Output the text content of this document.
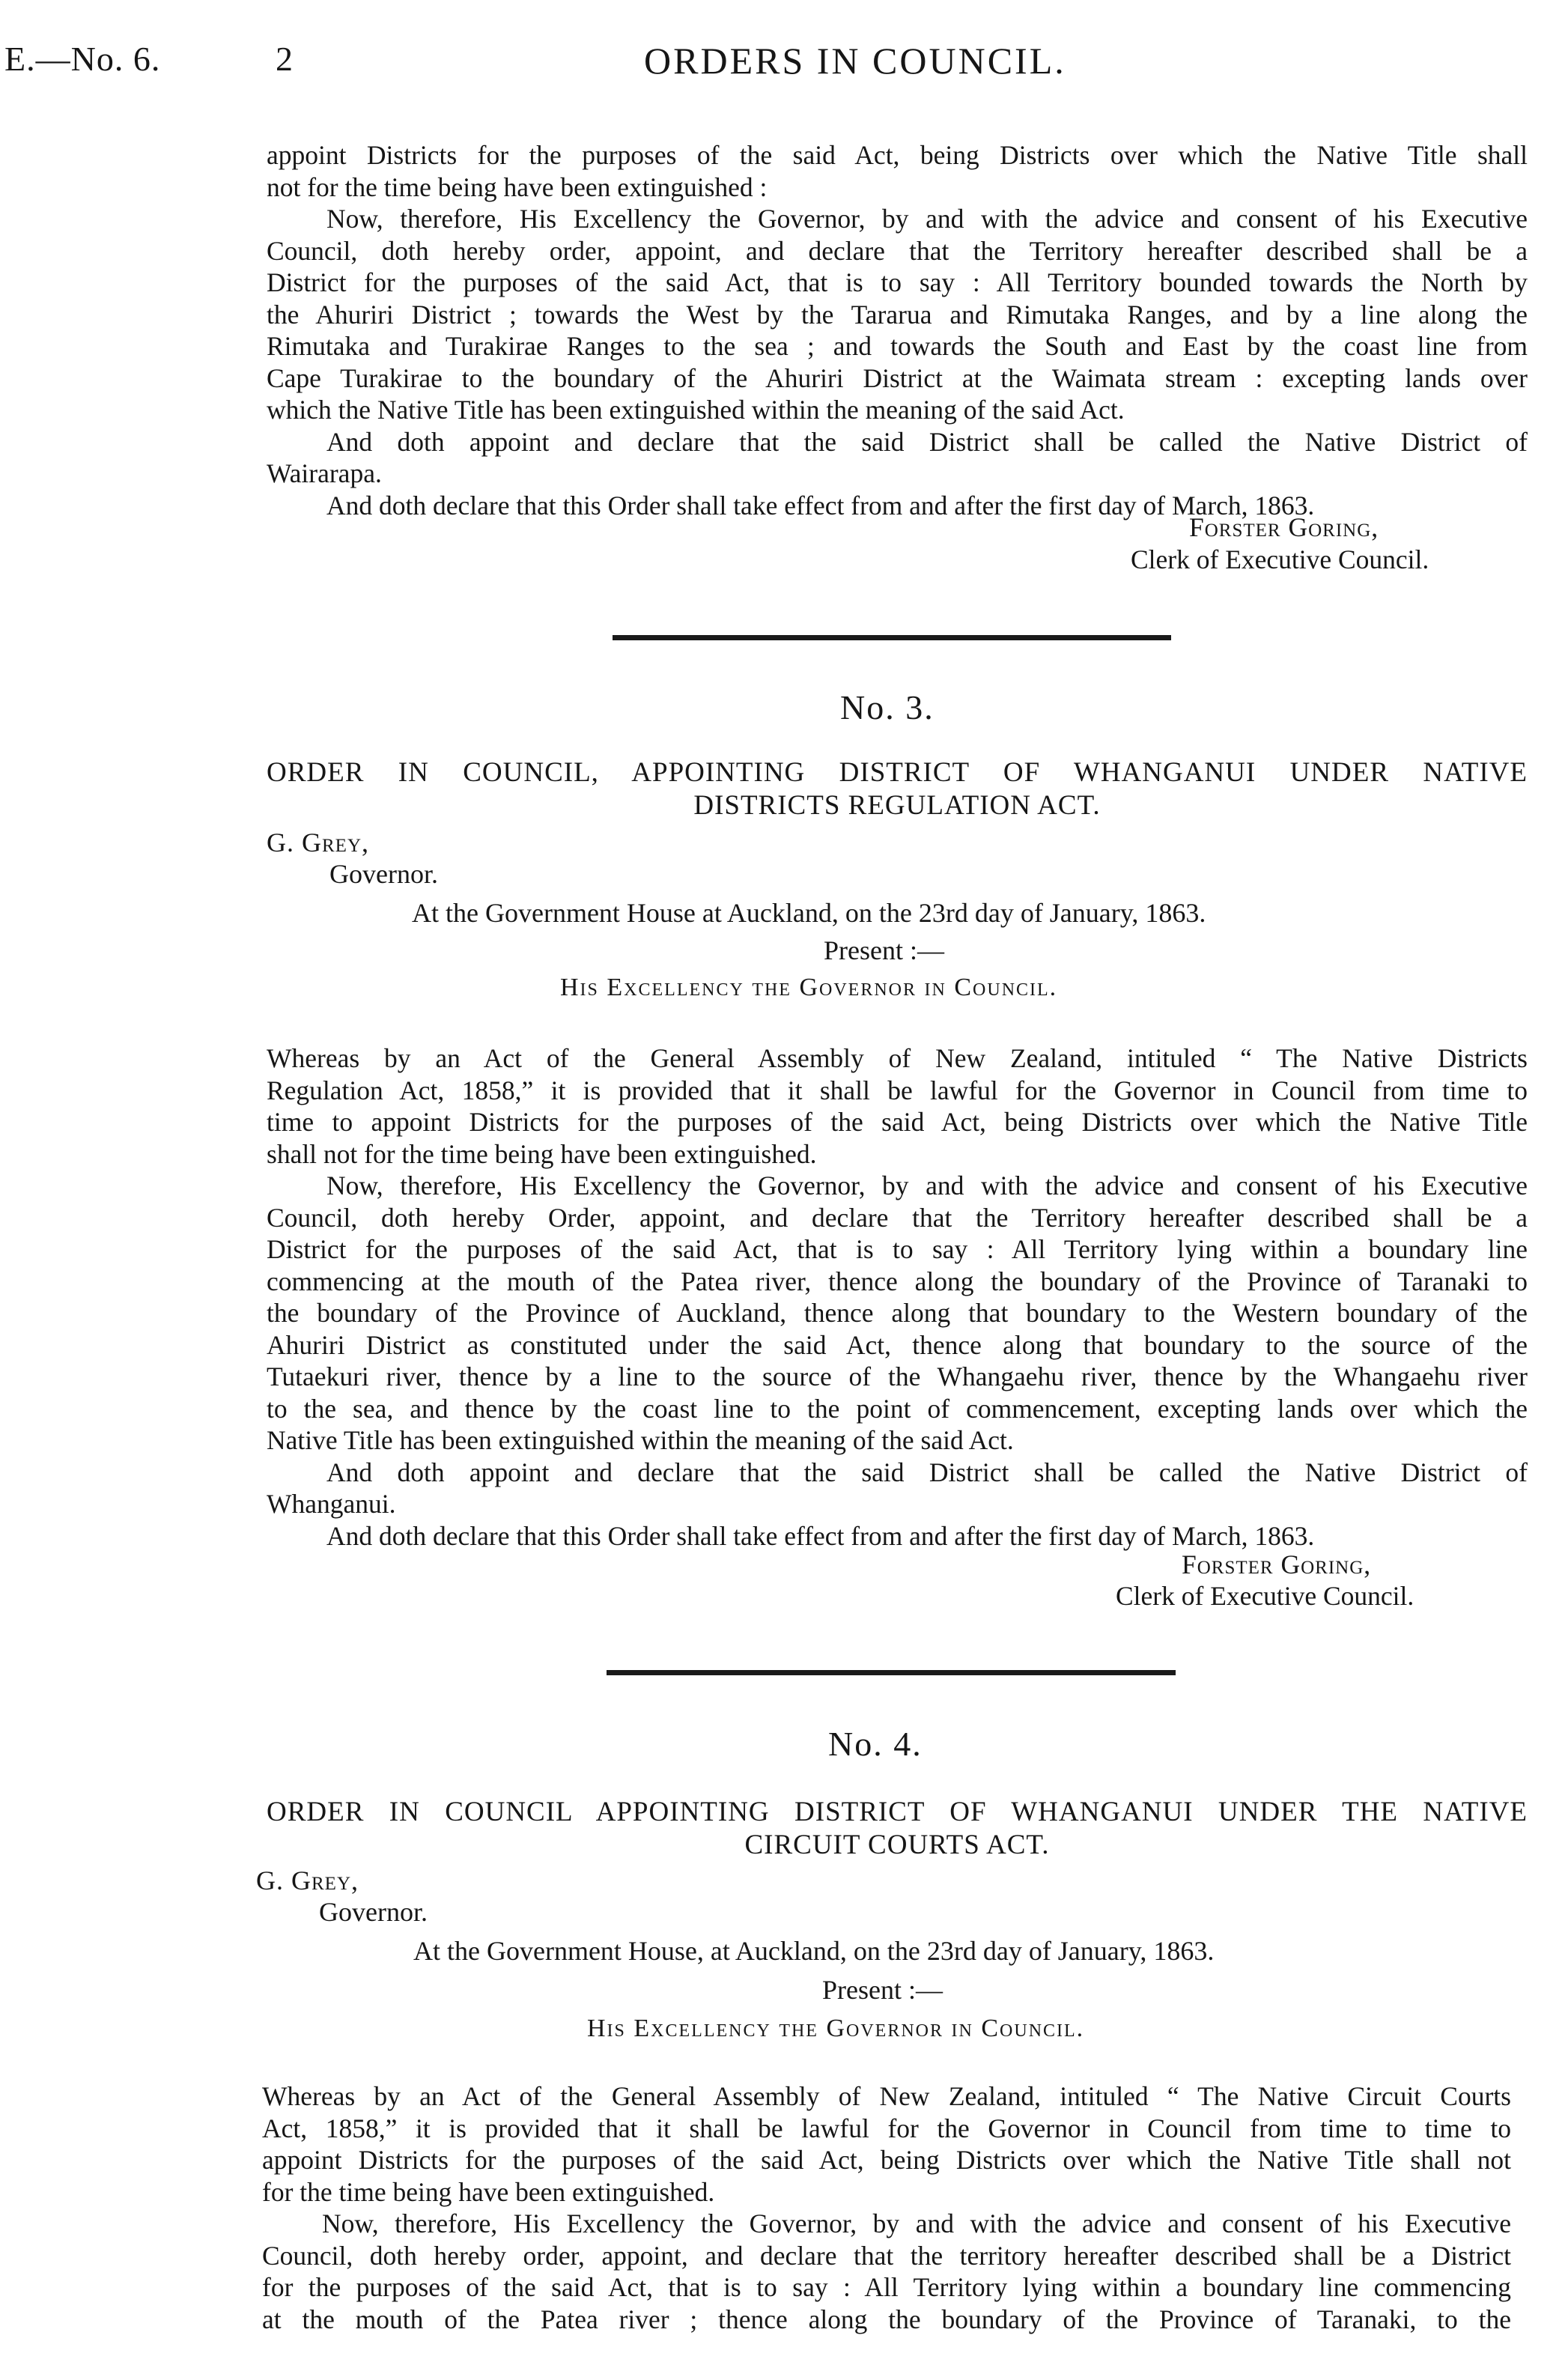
E.—No. 6.	2	ORDERS IN COUNCIL.

appoint Districts for the purposes of the said Act, being Districts over which the Native Title shall

not for the time being have been extinguished :

Now, therefore, His Excellency the Governor, by and with the advice and consent of his Executive

Council, doth hereby order, appoint, and declare that the Territory hereafter described shall be a

District for the purposes of the said Act, that is to say : All Territory bounded towards the North by

the Ahuriri District ; towards the West by the Tararua and Rimutaka Ranges, and by a line along the

Rimutaka and Turakirae Ranges to the sea ; and towards the South and East by the coast line from

Cape Turakirae to the boundary of the Ahuriri District at the Waimata stream : excepting lands over

which the Native Title has been extinguished within the meaning of the said Act.

And doth appoint and declare that the said District shall be called the Native District of

Wairarapa.

And doth declare that this Order shall take effect from and after the first day of March, 1863.

Forster Goring,
Clerk of Executive Council.
No. 3.
ORDER IN COUNCIL, APPOINTING DISTRICT OF WHANGANUI UNDER NATIVE
DISTRICTS REGULATION ACT.
G. Grey,
Governor.
At the Government House at Auckland, on the 23rd day of January, 1863.
Present :—
His Excellency the Governor in Council.

Whereas by an Act of the General Assembly of New Zealand, intituled “ The Native Districts

Regulation Act, 1858,” it is provided that it shall be lawful for the Governor in Council from time to

time to appoint Districts for the purposes of the said Act, being Districts over which the Native Title

shall not for the time being have been extinguished.

Now, therefore, His Excellency the Governor, by and with the advice and consent of his Executive

Council, doth hereby Order, appoint, and declare that the Territory hereafter described shall be a

District for the purposes of the said Act, that is to say : All Territory lying within a boundary line

commencing at the mouth of the Patea river, thence along the boundary of the Province of Taranaki to

the boundary of the Province of Auckland, thence along that boundary to the Western boundary of the

Ahuriri District as constituted under the said Act, thence along that boundary to the source of the

Tutaekuri river, thence by a line to the source of the Whangaehu river, thence by the Whangaehu river

to the sea, and thence by the coast line to the point of commencement, excepting lands over which the

Native Title has been extinguished within the meaning of the said Act.

And doth appoint and declare that the said District shall be called the Native District of

Whanganui.

And doth declare that this Order shall take effect from and after the first day of March, 1863.

Forster Goring,
Clerk of Executive Council.
No. 4.
ORDER IN COUNCIL APPOINTING DISTRICT OF WHANGANUI UNDER THE NATIVE
CIRCUIT COURTS ACT.
G. Grey,
Governor.
At the Government House, at Auckland, on the 23rd day of January, 1863.
Present :—
His Excellency the Governor in Council.

Whereas by an Act of the General Assembly of New Zealand, intituled “ The Native Circuit Courts

Act, 1858,” it is provided that it shall be lawful for the Governor in Council from time to time to

appoint Districts for the purposes of the said Act, being Districts over which the Native Title shall not

for the time being have been extinguished.

Now, therefore, His Excellency the Governor, by and with the advice and consent of his Executive

Council, doth hereby order, appoint, and declare that the territory hereafter described shall be a District

for the purposes of the said Act, that is to say : All Territory lying within a boundary line commencing

at the mouth of the Patea river ; thence along the boundary of the Province of Taranaki, to the
